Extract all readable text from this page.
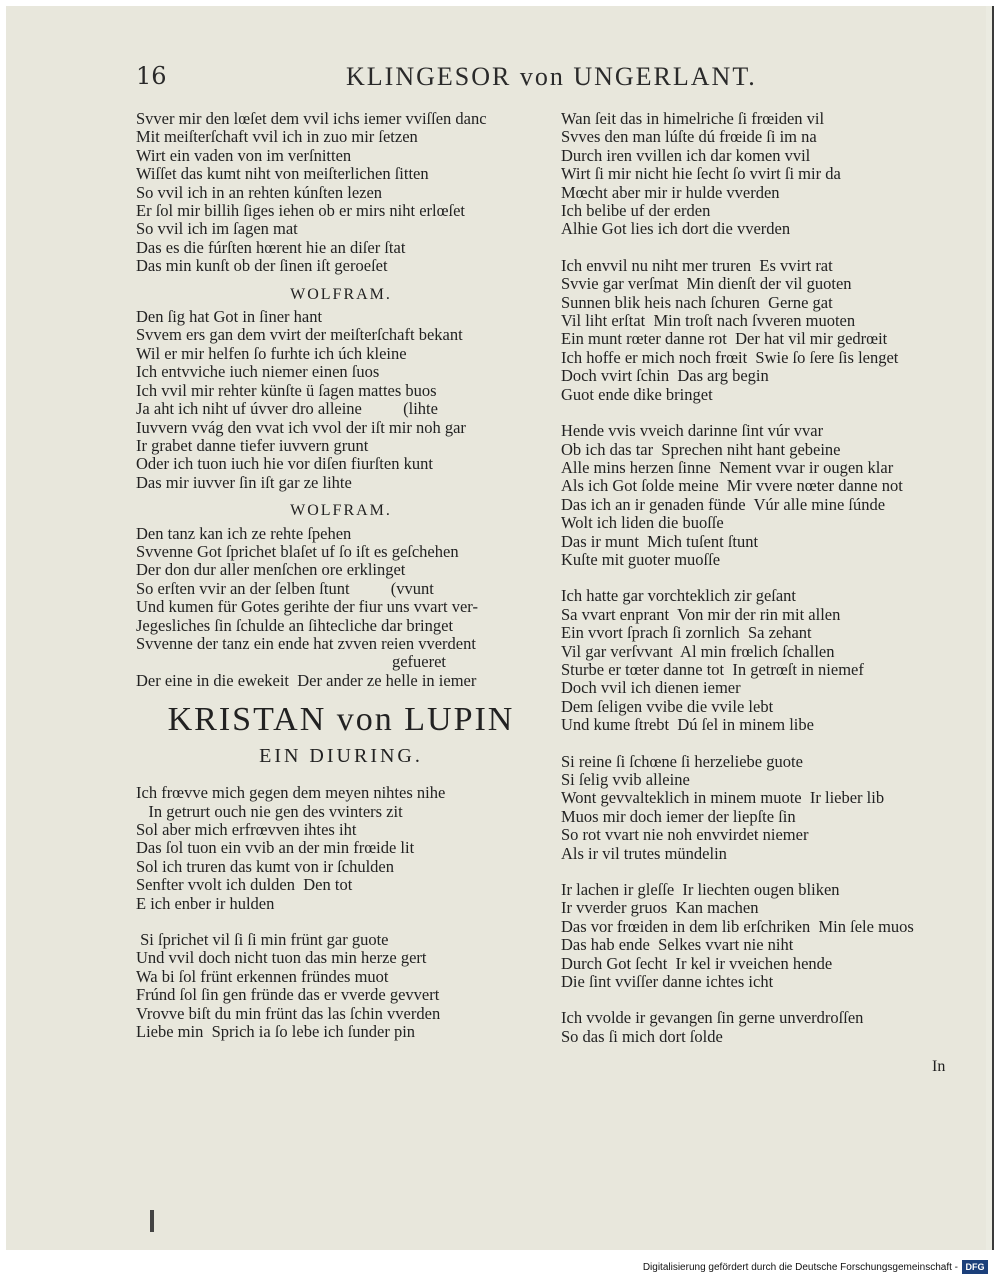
16	KLINGESOR von UNGERLANT.
Svver mir den lœſet dem vvil ichs iemer vviſſen danc
Mit meiſterſchaft vvil ich in zuo mir ſetzen
Wirt ein vaden von im verſnitten
Wiſſet das kumt niht von meiſterlichen ſitten
So vvil ich in an rehten kúnſten lezen
Er ſol mir billih ſiges iehen ob er mirs niht erlœſet
So vvil ich im ſagen mat
Das es die fúrſten hœrent hie an diſer ſtat
Das min kunſt ob der ſinen iſt geroeſet
WOLFRAM.
Den ſig hat Got in ſiner hant
Svvem ers gan dem vvirt der meiſterſchaft bekant
Wil er mir helfen ſo furhte ich úch kleine
Ich entvviche iuch niemer einen ſuos
Ich vvil mir rehter künſte ü ſagen mattes buos
Ja aht ich niht uf úvver dro alleine          (lihte
Iuvvern vvág den vvat ich vvol der iſt mir noh gar
Ir grabet danne tiefer iuvvern grunt
Oder ich tuon iuch hie vor diſen fiurſten kunt
Das mir iuvver ſin iſt gar ze lihte
WOLFRAM.
Den tanz kan ich ze rehte ſpehen
Svvenne Got ſprichet blaſet uf ſo iſt es geſchehen
Der don dur aller menſchen ore erklinget
So erſten vvir an der ſelben ſtunt          (vvunt
Und kumen für Gotes gerihte der fiur uns vvart ver-
Jegesliches ſin ſchulde an ſihtecliche dar bringet
Svvenne der tanz ein ende hat zvven reien vverdent
gefueret
Der eine in die ewekeit  Der ander ze helle in iemer
KRISTAN von LUPIN
EIN DIURING.
Ich frœvve mich gegen dem meyen nihtes nihe
In getrurt ouch nie gen des vvinters zit
Sol aber mich erfrœvven ihtes iht
Das ſol tuon ein vvib an der min frœide lit
Sol ich truren das kumt von ir ſchulden
Senfter vvolt ich dulden  Den tot
E ich enber ir hulden
Si ſprichet vil ſi ſi min frünt gar guote
Und vvil doch nicht tuon das min herze gert
Wa bi ſol frünt erkennen fründes muot
Frúnd ſol ſin gen fründe das er vverde gevvert
Vrovve biſt du min frünt das las ſchin vverden
Liebe min  Sprich ia ſo lebe ich ſunder pin
Wan ſeit das in himelriche ſi frœiden vil
Svves den man lúſte dú frœide ſi im na
Durch iren vvillen ich dar komen vvil
Wirt ſi mir nicht hie ſecht ſo vvirt ſi mir da
Mœcht aber mir ir hulde vverden
Ich belibe uf der erden
Alhie Got lies ich dort die vverden
Ich envvil nu niht mer truren  Es vvirt rat
Svvie gar verſmat  Min dienſt der vil guoten
Sunnen blik heis nach ſchuren  Gerne gat
Vil liht erſtat  Min troſt nach ſvveren muoten
Ein munt rœter danne rot  Der hat vil mir gedrœit
Ich hoffe er mich noch frœit  Swie ſo ſere ſis lenget
Doch vvirt ſchin  Das arg begin
Guot ende dike bringet
Hende vvis vveich darinne ſint vúr vvar
Ob ich das tar  Sprechen niht hant gebeine
Alle mins herzen ſinne  Nement vvar ir ougen klar
Als ich Got ſolde meine  Mir vvere nœter danne not
Das ich an ir genaden fünde  Vúr alle mine ſúnde
Wolt ich liden die buoſſe
Das ir munt  Mich tuſent ſtunt
Kuſte mit guoter muoſſe
Ich hatte gar vorchteklich zir geſant
Sa vvart enprant  Von mir der rin mit allen
Ein vvort ſprach ſi zornlich  Sa zehant
Vil gar verſvvant  Al min frœlich ſchallen
Sturbe er tœter danne tot  In getrœſt in niemef
Doch vvil ich dienen iemer
Dem ſeligen vvibe die vvile lebt
Und kume ſtrebt  Dú ſel in minem libe
Si reine ſi ſchœne ſi herzeliebe guote
Si ſelig vvib alleine
Wont gevvalteklich in minem muote  Ir lieber lib
Muos mir doch iemer der liepſte ſin
So rot vvart nie noh envvirdet niemer
Als ir vil trutes mündelin
Ir lachen ir gleſſe  Ir liechten ougen bliken
Ir vverder gruos  Kan machen
Das vor frœiden in dem lib erſchriken  Min ſele muos
Das hab ende  Selkes vvart nie niht
Durch Got ſecht  Ir kel ir vveichen hende
Die ſint vviſſer danne ichtes icht
Ich vvolde ir gevangen ſin gerne unverdroſſen
So das ſi mich dort ſolde
In
Digitalisierung gefördert durch die Deutsche Forschungsgemeinschaft - DFG
